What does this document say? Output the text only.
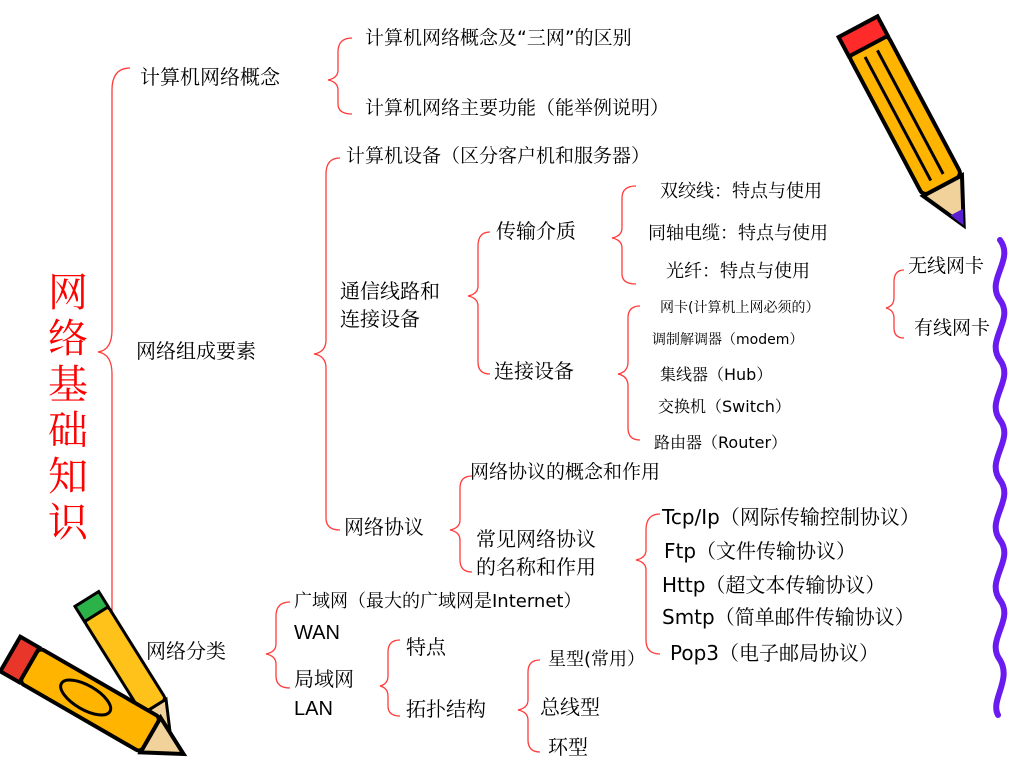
网
络
基
础
知
识
计算机网络概念
计算机网络概念及“三网”的区别
计算机网络主要功能（能举例说明）
网络组成要素
计算机设备（区分客户机和服务器）
通信线路和
连接设备
传输介质
双绞线：特点与使用
同轴电缆：特点与使用
光纤：特点与使用
连接设备
网卡(计算机上网必须的）
调制解调器（modem）
集线器（Hub）
交换机（Switch）
路由器（Router）
无线网卡
有线网卡
网络协议
网络协议的概念和作用
常见网络协议
的名称和作用
Tcp/Ip（网际传输控制协议）
Ftp（文件传输协议）
Http（超文本传输协议）
Smtp（简单邮件传输协议）
Pop3（电子邮局协议）
网络分类
广域网（最大的广域网是Internet）
WAN
局域网
LAN
特点
拓扑结构
星型(常用）
总线型
环型
